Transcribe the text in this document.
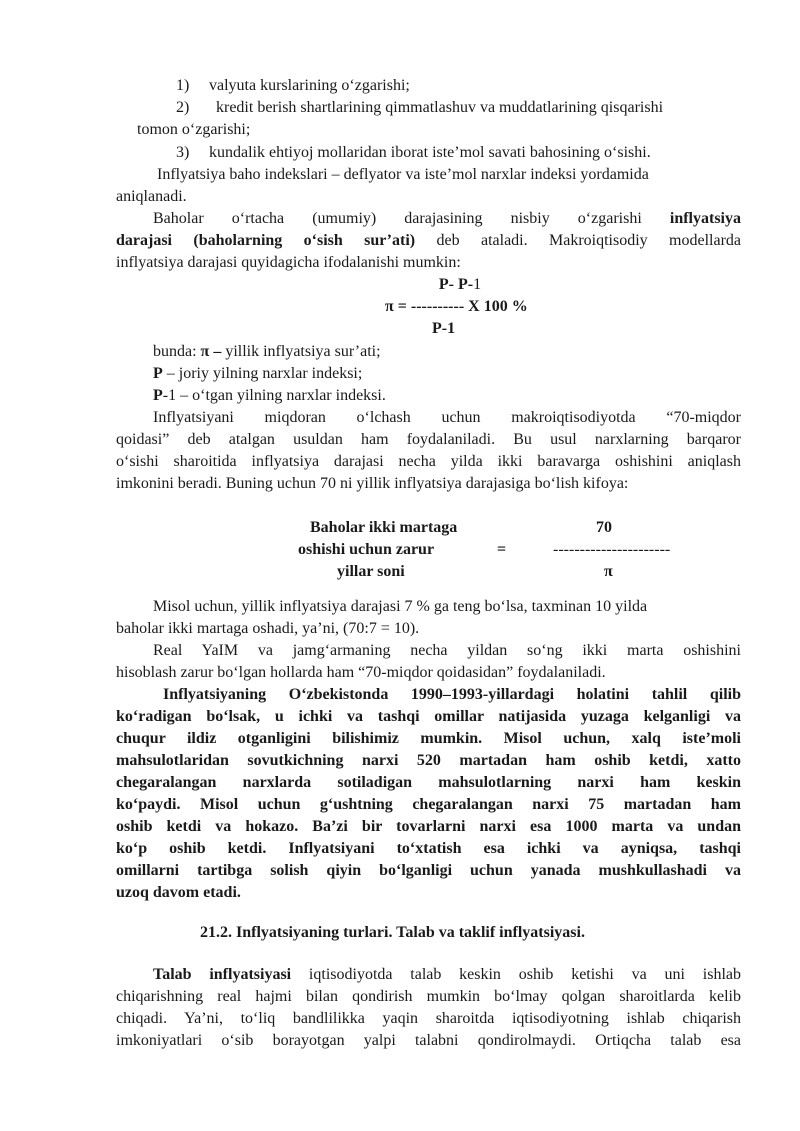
1) valyuta kurslarining o‘zgarishi;
2) kredit berish shartlarining qimmatlashuv va muddatlarining qisqarishi
tomon o‘zgarishi;
3) kundalik ehtiyoj mollaridan iborat iste’mol savati bahosining o‘sishi.
Inflyatsiya baho indekslari – deflyator va iste’mol narxlar indeksi yordamida
aniqlanadi.
Baholar o‘rtacha (umumiy) darajasining nisbiy o‘zgarishi inflyatsiya
darajasi (baholarning o‘sish sur’ati) deb ataladi. Makroiqtisodiy modellarda
inflyatsiya darajasi quyidagicha ifodalanishi mumkin:
P- P-1
π = ---------- X 100 %
P-1
bunda: π – yillik inflyatsiya sur’ati;
P – joriy yilning narxlar indeksi;
P-1 – o‘tgan yilning narxlar indeksi.
Inflyatsiyani miqdoran o‘lchash uchun makroiqtisodiyotda “70-miqdor
qoidasi” deb atalgan usuldan ham foydalaniladi. Bu usul narxlarning barqaror
o‘sishi sharoitida inflyatsiya darajasi necha yilda ikki baravarga oshishini aniqlash
imkonini beradi. Buning uchun 70 ni yillik inflyatsiya darajasiga bo‘lish kifoya:
Baholar ikki martaga
oshishi uchun zarur
yillar soni
=
70
----------------------
π
Misol uchun, yillik inflyatsiya darajasi 7 % ga teng bo‘lsa, taxminan 10 yilda
baholar ikki martaga oshadi, ya’ni, (70:7 = 10).
Real YaIM va jamg‘armaning necha yildan so‘ng ikki marta oshishini
hisoblash zarur bo‘lgan hollarda ham “70-miqdor qoidasidan” foydalaniladi.
Inflyatsiyaning O‘zbekistonda 1990–1993-yillardagi holatini tahlil qilib
ko‘radigan bo‘lsak, u ichki va tashqi omillar natijasida yuzaga kelganligi va
chuqur ildiz otganligini bilishimiz mumkin. Misol uchun, xalq iste’moli
mahsulotlaridan sovutkichning narxi 520 martadan ham oshib ketdi, xatto
chegaralangan narxlarda sotiladigan mahsulotlarning narxi ham keskin
ko‘paydi. Misol uchun g‘ushtning chegaralangan narxi 75 martadan ham
oshib ketdi va hokazo. Ba’zi bir tovarlarni narxi esa 1000 marta va undan
ko‘p oshib ketdi. Inflyatsiyani to‘xtatish esa ichki va ayniqsa, tashqi
omillarni tartibga solish qiyin bo‘lganligi uchun yanada mushkullashadi va
uzoq davom etadi.
21.2. Inflyatsiyaning turlari. Talab va taklif inflyatsiyasi.
Talab inflyatsiyasi iqtisodiyotda talab keskin oshib ketishi va uni ishlab
chiqarishning real hajmi bilan qondirish mumkin bo‘lmay qolgan sharoitlarda kelib
chiqadi. Ya’ni, to‘liq bandlilikka yaqin sharoitda iqtisodiyotning ishlab chiqarish
imkoniyatlari o‘sib borayotgan yalpi talabni qondirolmaydi. Ortiqcha talab esa
